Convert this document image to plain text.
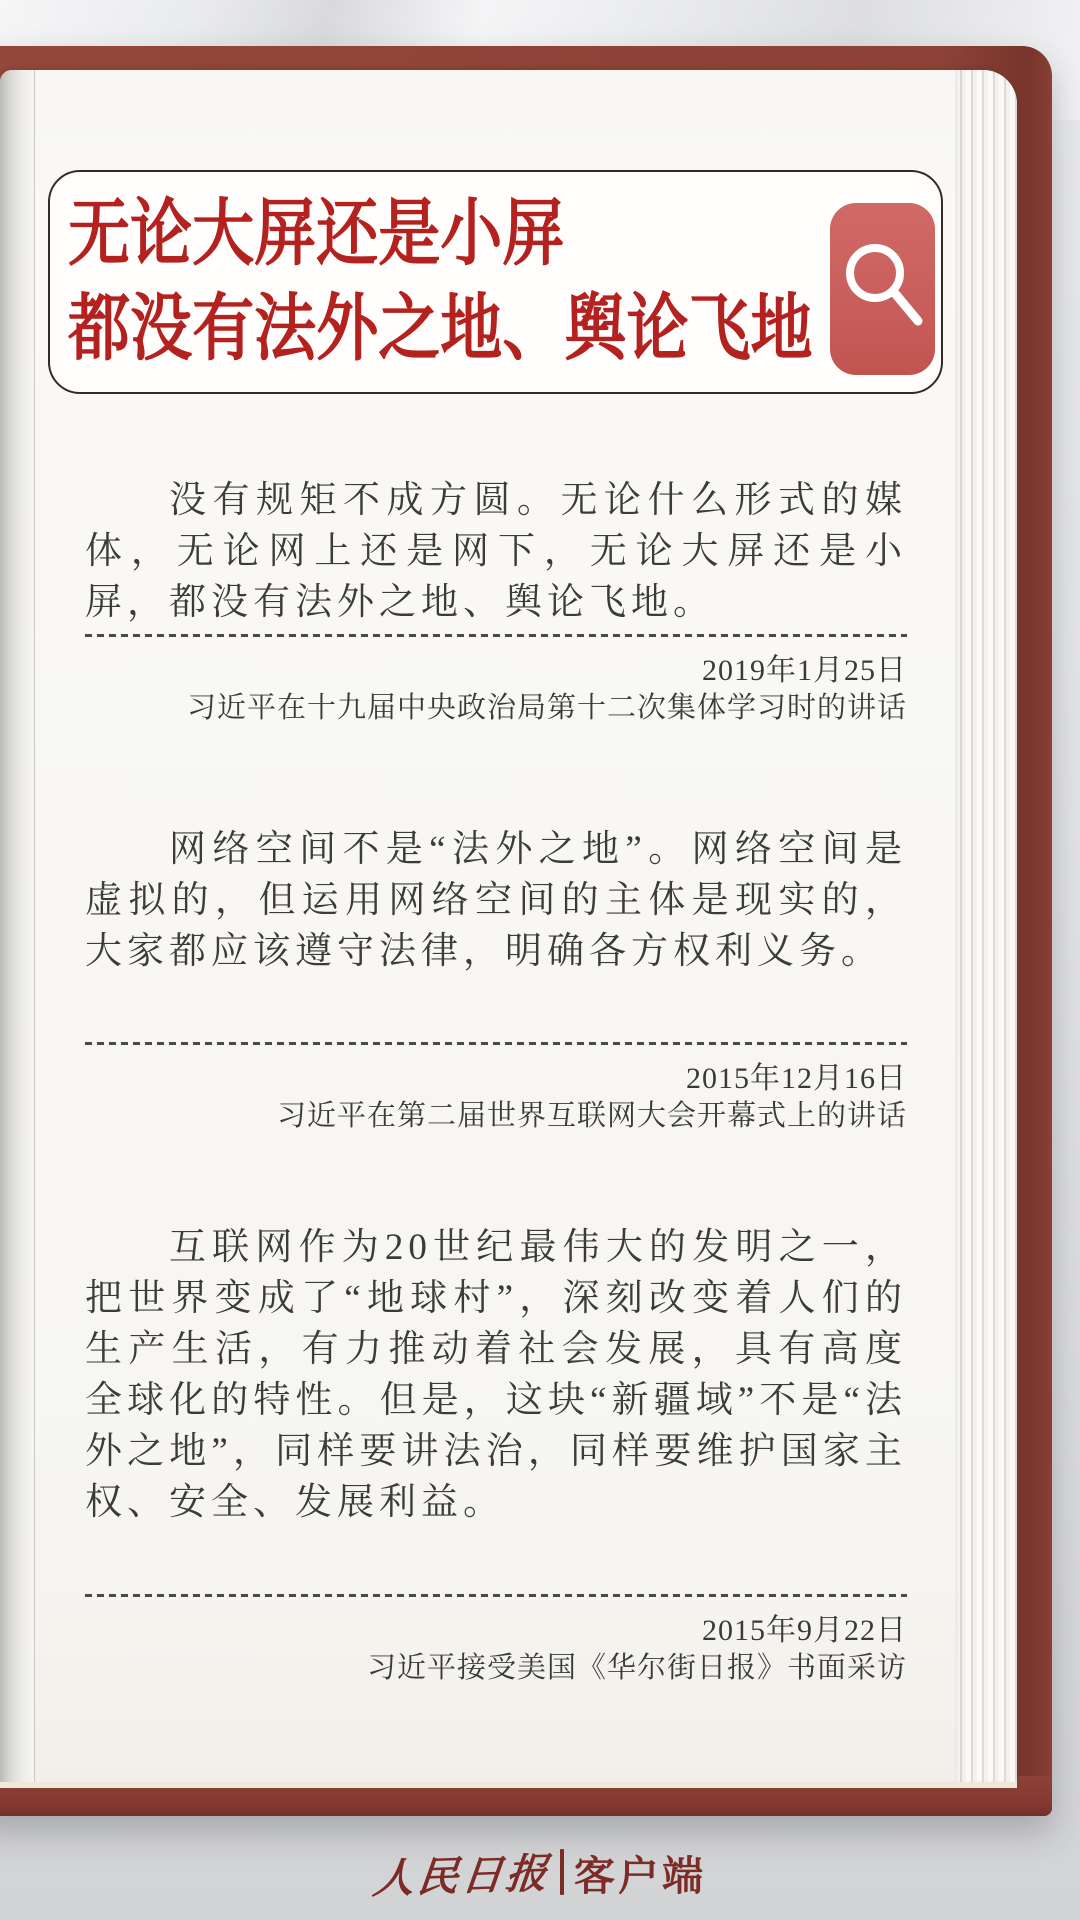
无论大屏还是小屏
都没有法外之地、舆论飞地
没有规矩不成方圆。无论什么形式的媒体，无论网上还是网下，无论大屏还是小屏，都没有法外之地、舆论飞地。
2019年1月25日
习近平在十九届中央政治局第十二次集体学习时的讲话
网络空间不是“法外之地”。网络空间是虚拟的，但运用网络空间的主体是现实的，大家都应该遵守法律，明确各方权利义务。
2015年12月16日
习近平在第二届世界互联网大会开幕式上的讲话
互联网作为20世纪最伟大的发明之一，把世界变成了“地球村”，深刻改变着人们的生产生活，有力推动着社会发展，具有高度全球化的特性。但是，这块“新疆域”不是“法外之地”，同样要讲法治，同样要维护国家主权、安全、发展利益。
2015年9月22日
习近平接受美国《华尔街日报》书面采访
人民日报 客户端
